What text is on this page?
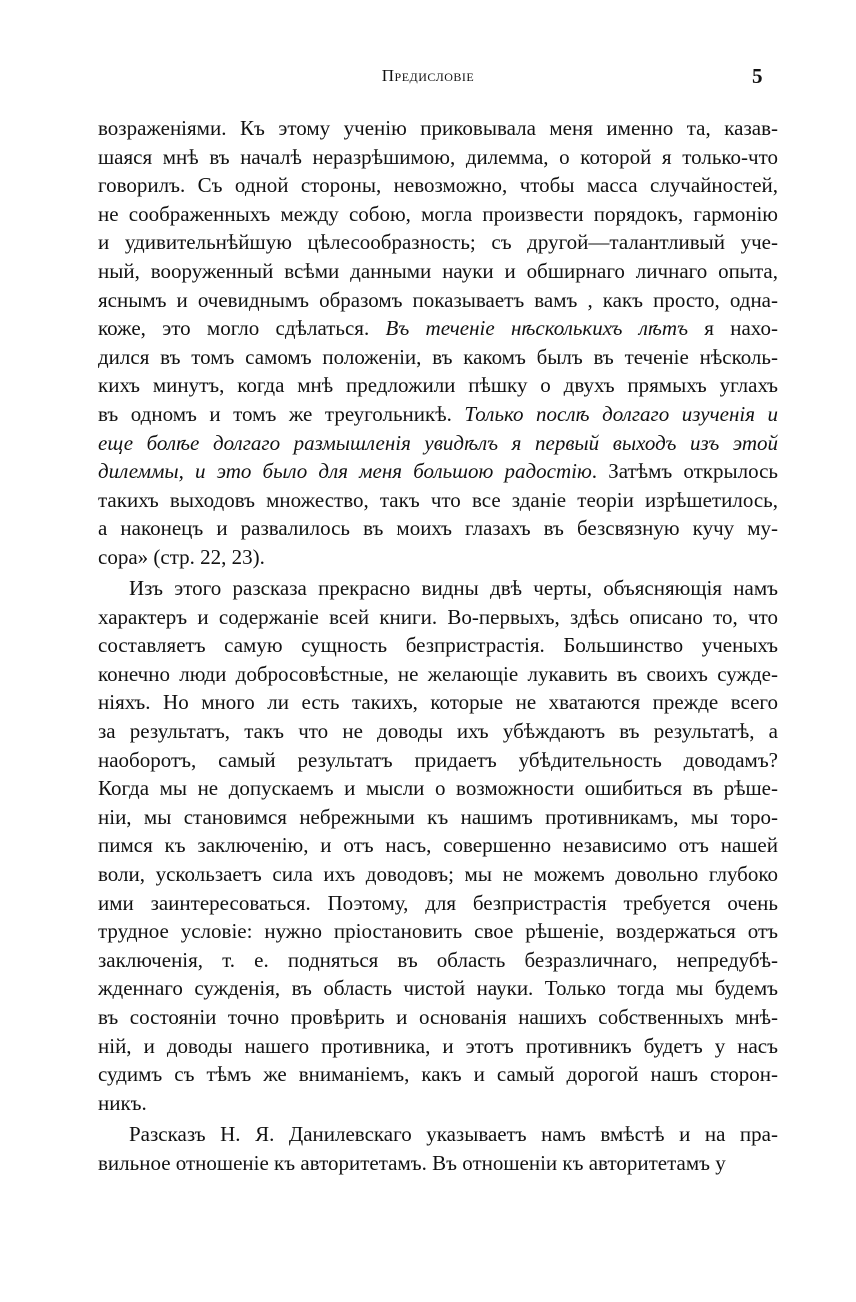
Предисловіе	5
возраженіями. Къ этому ученію приковывала меня именно та, казав-
шаяся мнѣ въ началѣ неразрѣшимою, дилемма, о которой я только-что
говорилъ. Съ одной стороны, невозможно, чтобы масса случайностей,
не соображенныхъ между собою, могла произвести порядокъ, гармонію
и удивительнѣйшую цѣлесообразность; съ другой—талантливый уче-
ный, вооруженный всѣми данными науки и обширнаго личнаго опыта,
яснымъ и очевиднымъ образомъ показываетъ вамъ , какъ просто, одна-
коже, это могло сдѣлаться. Въ теченіе нѣсколькихъ лѣтъ я нахо-
дился въ томъ самомъ положеніи, въ какомъ былъ въ теченіе нѣсколь-
кихъ минутъ, когда мнѣ предложили пѣшку о двухъ прямыхъ углахъ
въ одномъ и томъ же треугольникѣ. Только послѣ долгаго изученія и
еще болѣе долгаго размышленія увидѣлъ я первый выходъ изъ этой
дилеммы, и это было для меня большою радостію. Затѣмъ открылось
такихъ выходовъ множество, такъ что все зданіе теоріи изрѣшетилось,
а наконецъ и развалилось въ моихъ глазахъ въ безсвязную кучу му-
сора» (стр. 22, 23).
Изъ этого разсказа прекрасно видны двѣ черты, объясняющія намъ
характеръ и содержаніе всей книги. Во-первыхъ, здѣсь описано то, что
составляетъ самую сущность безпристрастія. Большинство ученыхъ
конечно люди добросовѣстные, не желающіе лукавить въ своихъ сужде-
ніяхъ. Но много ли есть такихъ, которые не хватаются прежде всего
за результатъ, такъ что не доводы ихъ убѣждаютъ въ результатѣ, а
наоборотъ, самый результатъ придаетъ убѣдительность доводамъ?
Когда мы не допускаемъ и мысли о возможности ошибиться въ рѣше-
ніи, мы становимся небрежными къ нашимъ противникамъ, мы торо-
пимся къ заключенію, и отъ насъ, совершенно независимо отъ нашей
воли, ускользаетъ сила ихъ доводовъ; мы не можемъ довольно глубоко
ими заинтересоваться. Поэтому, для безпристрастія требуется очень
трудное условіе: нужно пріостановить свое рѣшеніе, воздержаться отъ
заключенія, т. е. подняться въ область безразличнаго, непредубѣ-
жденнаго сужденія, въ область чистой науки. Только тогда мы будемъ
въ состояніи точно провѣрить и основанія нашихъ собственныхъ мнѣ-
ній, и доводы нашего противника, и этотъ противникъ будетъ у насъ
судимъ съ тѣмъ же вниманіемъ, какъ и самый дорогой нашъ сторон-
никъ.
Разсказъ Н. Я. Данилевскаго указываетъ намъ вмѣстѣ и на пра-
вильное отношеніе къ авторитетамъ. Въ отношеніи къ авторитетамъ у
